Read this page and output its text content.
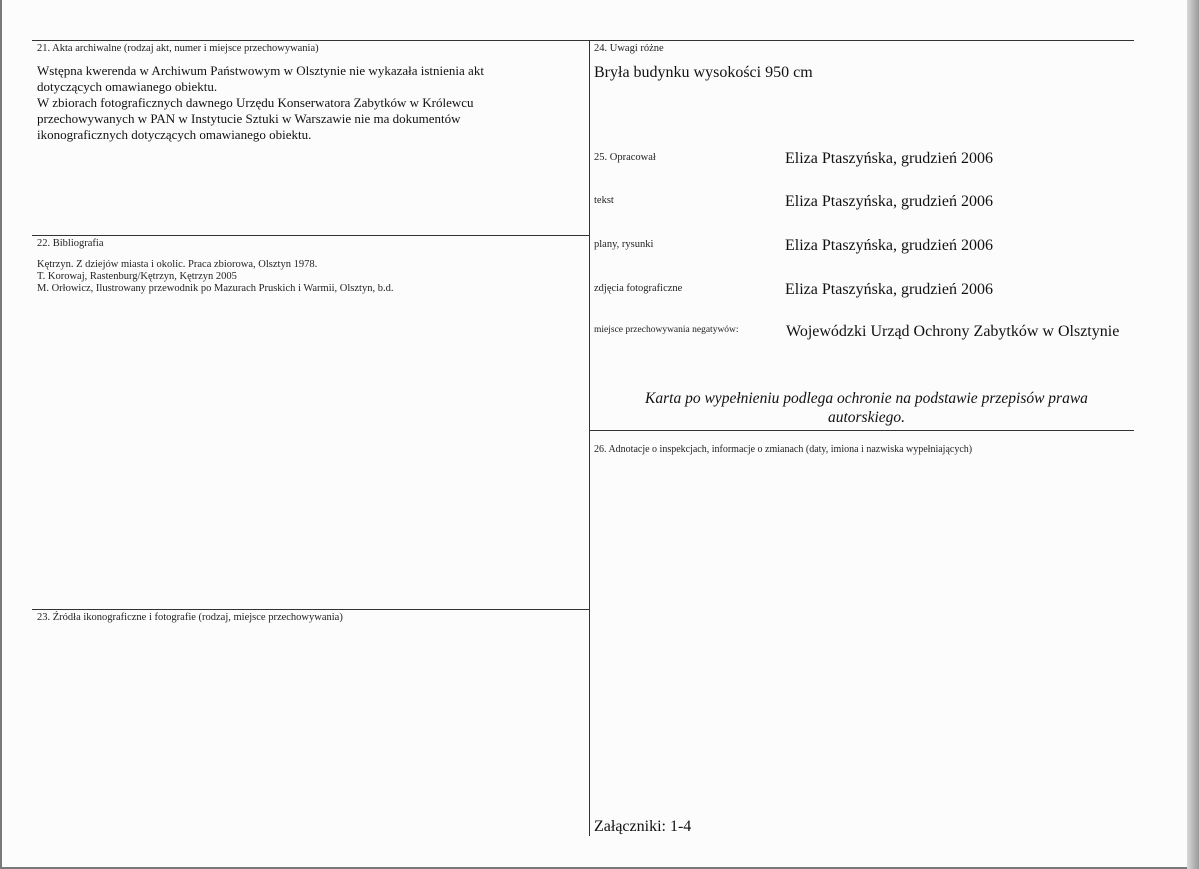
21. Akta archiwalne (rodzaj akt, numer i miejsce przechowywania)
Wstępna kwerenda w Archiwum Państwowym w Olsztynie nie wykazała istnienia akt
dotyczących omawianego obiektu.
W zbiorach fotograficznych dawnego Urzędu Konserwatora Zabytków w Królewcu
przechowywanych w PAN w Instytucie Sztuki w Warszawie nie ma dokumentów
ikonograficznych dotyczących omawianego obiektu.
22. Bibliografia
Kętrzyn. Z dziejów miasta i okolic. Praca zbiorowa, Olsztyn 1978.
T. Korowaj, Rastenburg/Kętrzyn, Kętrzyn 2005
M. Orłowicz, Ilustrowany przewodnik po Mazurach Pruskich i Warmii, Olsztyn, b.d.
23. Źródła ikonograficzne i fotografie (rodzaj, miejsce przechowywania)
24. Uwagi różne
Bryła budynku wysokości 950 cm
25. Opracował	Eliza Ptaszyńska, grudzień 2006
tekst	Eliza Ptaszyńska, grudzień 2006
plany, rysunki	Eliza Ptaszyńska, grudzień 2006
zdjęcia fotograficzne	Eliza Ptaszyńska, grudzień 2006
miejsce przechowywania negatywów:	Wojewódzki Urząd Ochrony Zabytków w Olsztynie
Karta po wypełnieniu podlega ochronie na podstawie przepisów prawa
autorskiego.
26. Adnotacje o inspekcjach, informacje o zmianach (daty, imiona i nazwiska wypełniających)
Załączniki: 1-4
